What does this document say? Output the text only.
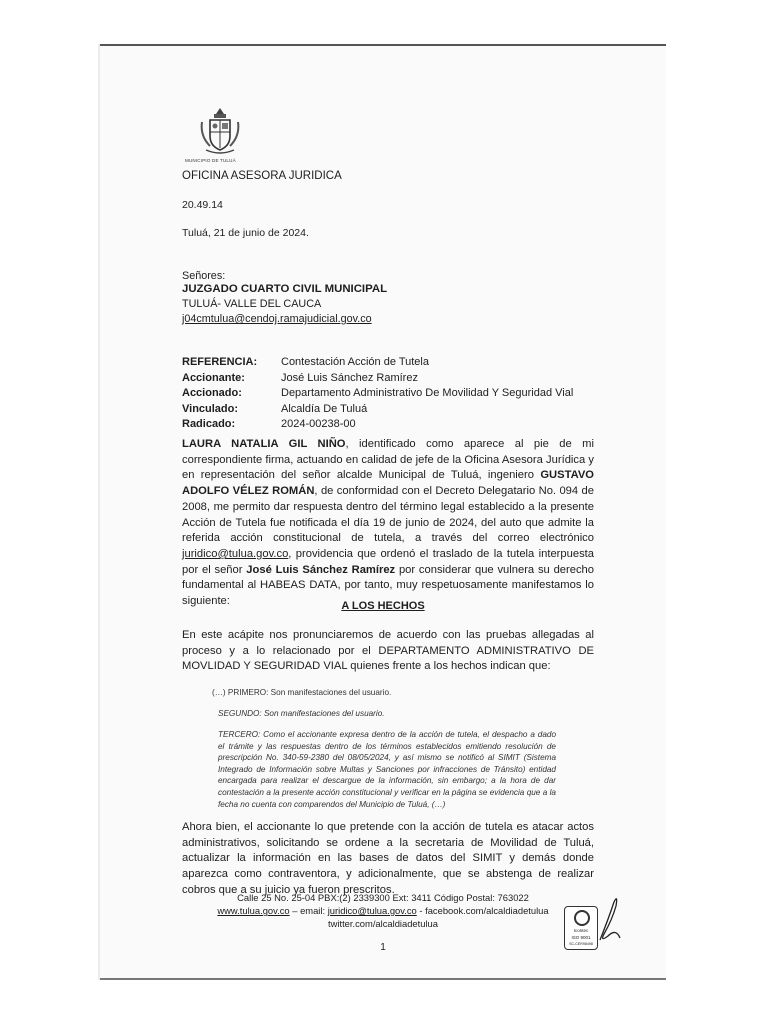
MUNICIPIO DE TULUÁ
OFICINA ASESORA JURIDICA
20.49.14
Tuluá, 21 de junio de 2024.
Señores:
JUZGADO CUARTO CIVIL MUNICIPAL
TULUÁ- VALLE DEL CAUCA
j04cmtulua@cendoj.ramajudicial.gov.co
REFERENCIA:	Contestación Acción de Tutela
Accionante:	José Luis Sánchez Ramírez
Accionado:	Departamento Administrativo De Movilidad Y Seguridad Vial
Vinculado:	Alcaldía De Tuluá
Radicado:	2024-00238-00
LAURA NATALIA GIL NIÑO, identificado como aparece al pie de mi correspondiente firma, actuando en calidad de jefe de la Oficina Asesora Jurídica y en representación del señor alcalde Municipal de Tuluá, ingeniero GUSTAVO ADOLFO VÉLEZ ROMÁN, de conformidad con el Decreto Delegatario No. 094 de 2008, me permito dar respuesta dentro del término legal establecido a la presente Acción de Tutela fue notificada el día 19 de junio de 2024, del auto que admite la referida acción constitucional de tutela, a través del correo electrónico juridico@tulua.gov.co, providencia que ordenó el traslado de la tutela interpuesta por el señor José Luis Sánchez Ramírez por considerar que vulnera su derecho fundamental al HABEAS DATA, por tanto, muy respetuosamente manifestamos lo siguiente:	A LOS HECHOS
En este acápite nos pronunciaremos de acuerdo con las pruebas allegadas al proceso y a lo relacionado por el DEPARTAMENTO ADMINISTRATIVO DE MOVLIDAD Y SEGURIDAD VIAL quienes frente a los hechos indican que:
(…) PRIMERO: Son manifestaciones del usuario.
SEGUNDO: Son manifestaciones del usuario.
TERCERO: Como el accionante expresa dentro de la acción de tutela, el despacho a dado el trámite y las respuestas dentro de los términos establecidos emitiendo resolución de prescripción No. 340-59-2380 del 08/05/2024, y así mismo se notificó al SIMIT (Sistema Integrado de Información sobre Multas y Sanciones por infracciones de Tránsito) entidad encargada para realizar el descargue de la información, sin embargo; a la hora de dar contestación a la presente acción constitucional y verificar en la página se evidencia que a la fecha no cuenta con comparendos del Municipio de Tuluá, (…)
Ahora bien, el accionante lo que pretende con la acción de tutela es atacar actos administrativos, solicitando se ordene a la secretaria de Movilidad de Tuluá, actualizar la información en las bases de datos del SIMIT y demás donde aparezca como contraventora, y adicionalmente, que se abstenga de realizar cobros que a su juicio ya fueron prescritos.
Calle 25 No. 25-04 PBX:(2) 2339300 Ext: 3411 Código Postal: 763022
www.tulua.gov.co – email: juridico@tulua.gov.co - facebook.com/alcaldiadetulua
twitter.com/alcaldiadetulua
1
Icontec
ISO 9001
SC-CER98498
